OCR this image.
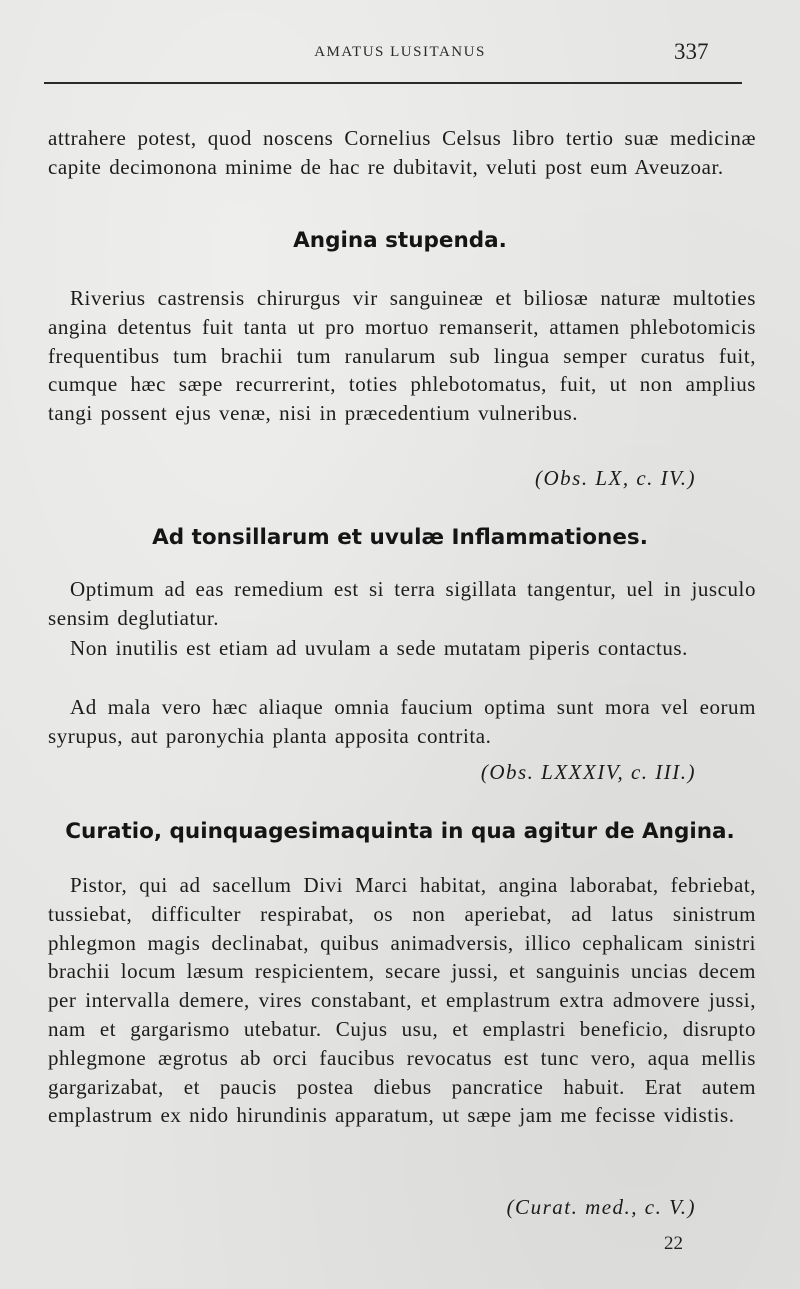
AMATUS LUSITANUS	337

attrahere potest, quod noscens Cornelius Celsus libro tertio suæ medicinæ capite decimonona minime de hac re dubitavit, veluti post eum Aveuzoar.

Angina stupenda.

Riverius castrensis chirurgus vir sanguineæ et biliosæ naturæ multoties angina detentus fuit tanta ut pro mortuo remanserit, attamen phlebotomicis frequentibus tum brachii tum ranularum sub lingua semper curatus fuit, cumque hæc sæpe recurrerint, toties phlebotomatus, fuit, ut non amplius tangi possent ejus venæ, nisi in præcedentium vulneribus.

(Obs. LX, c. IV.)
Ad tonsillarum et uvulæ Inflammationes.

Optimum ad eas remedium est si terra sigillata tangentur, uel in jusculo sensim deglutiatur.

Non inutilis est etiam ad uvulam a sede mutatam piperis contactus.

Ad mala vero hæc aliaque omnia faucium optima sunt mora vel eorum syrupus, aut paronychia planta apposita contrita.

(Obs. LXXXIV, c. III.)
Curatio, quinquagesimaquinta in qua agitur de Angina.

Pistor, qui ad sacellum Divi Marci habitat, angina laborabat, febriebat, tussiebat, difficulter respirabat, os non aperiebat, ad latus sinistrum phlegmon magis declinabat, quibus animadversis, illico cephalicam sinistri brachii locum læsum respicientem, secare jussi, et sanguinis uncias decem per intervalla demere, vires constabant, et emplastrum extra admovere jussi, nam et gargarismo utebatur. Cujus usu, et emplastri beneficio, disrupto phlegmone ægrotus ab orci faucibus revocatus est tunc vero, aqua mellis gargarizabat, et paucis postea diebus pancratice habuit. Erat autem emplastrum ex nido hirundinis apparatum, ut sæpe jam me fecisse vidistis.

(Curat. med., c. V.)
22
